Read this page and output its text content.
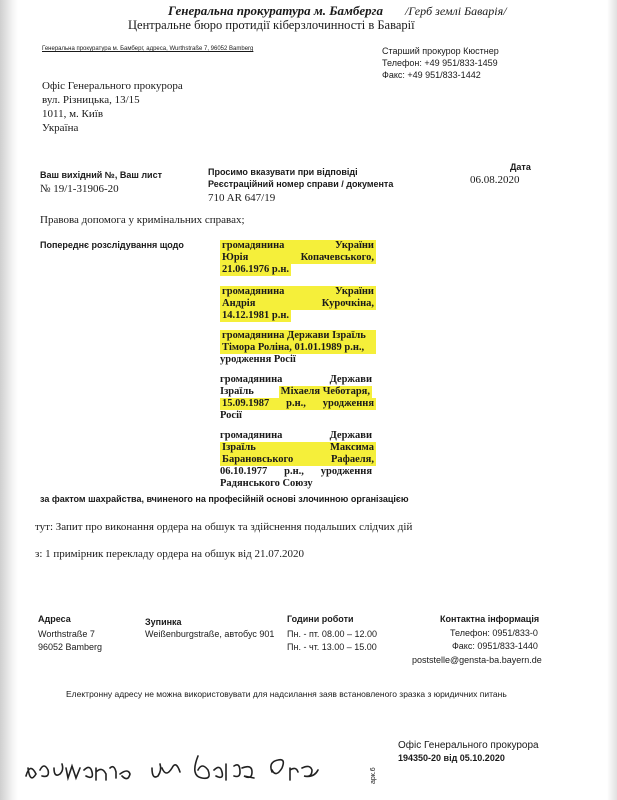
Генеральна прокуратура м. Бамберга
Центральне бюро протидії кіберзлочинності в Баварії
/Герб землі Баварія/
Генеральна прокуратура м. Бамберг, адреса, Wurthstraße 7, 96052 Bamberg	Старший прокурор Кюстнер
Телефон: +49 951/833-1459
Факс: +49 951/833-1442
Офіс Генерального прокурора
вул. Різницька, 13/15
1011, м. Київ
Україна
Ваш вихідний №, Ваш лист
№ 19/1-31906-20
Просимо вказувати при відповіді
Реєстраційний номер справи / документа
710 AR 647/19
Дата
06.08.2020
Правова допомога у кримінальних справах;
Попереднє розслідування щодо	громадянина	України
Юрія	Копачевського,
21.06.1976 р.н.
громадянина	України
Андрія	Курочкіна,
14.12.1981 р.н.
громадянина Держави Ізраїль
Тімора Роліна, 01.01.1989 р.н.,
уродження Росії
громадянина	Держави
Ізраїль	Міхаеля Чеботаря,
15.09.1987 р.н., уродження
Росії
громадянина	Держави
Ізраїль	Максима
Барановського	Рафаеля,
06.10.1977 р.н., уродження
Радянського Союзу
за фактом шахрайства, вчиненого на професійній основі злочинною організацією
тут: Запит про виконання ордера на обшук та здійснення подальших слідчих дій
з: 1 примірник перекладу ордера на обшук від 21.07.2020
Адреса
Worthstraße 7
96052 Bamberg
Зупинка
Weißenburgstraße, автобус 901
Години роботи
Пн. - пт. 08.00 – 12.00
Пн. - чт. 13.00 – 15.00
Контактна інформація
Телефон: 0951/833-0
Факс: 0951/833-1440
poststelle@gensta-ba.bayern.de
Електронну адресу не можна використовувати для надсилання заяв встановленого зразка з юридичних питань
Офіс Генерального прокурора
194350-20 від 05.10.2020
арк.6
